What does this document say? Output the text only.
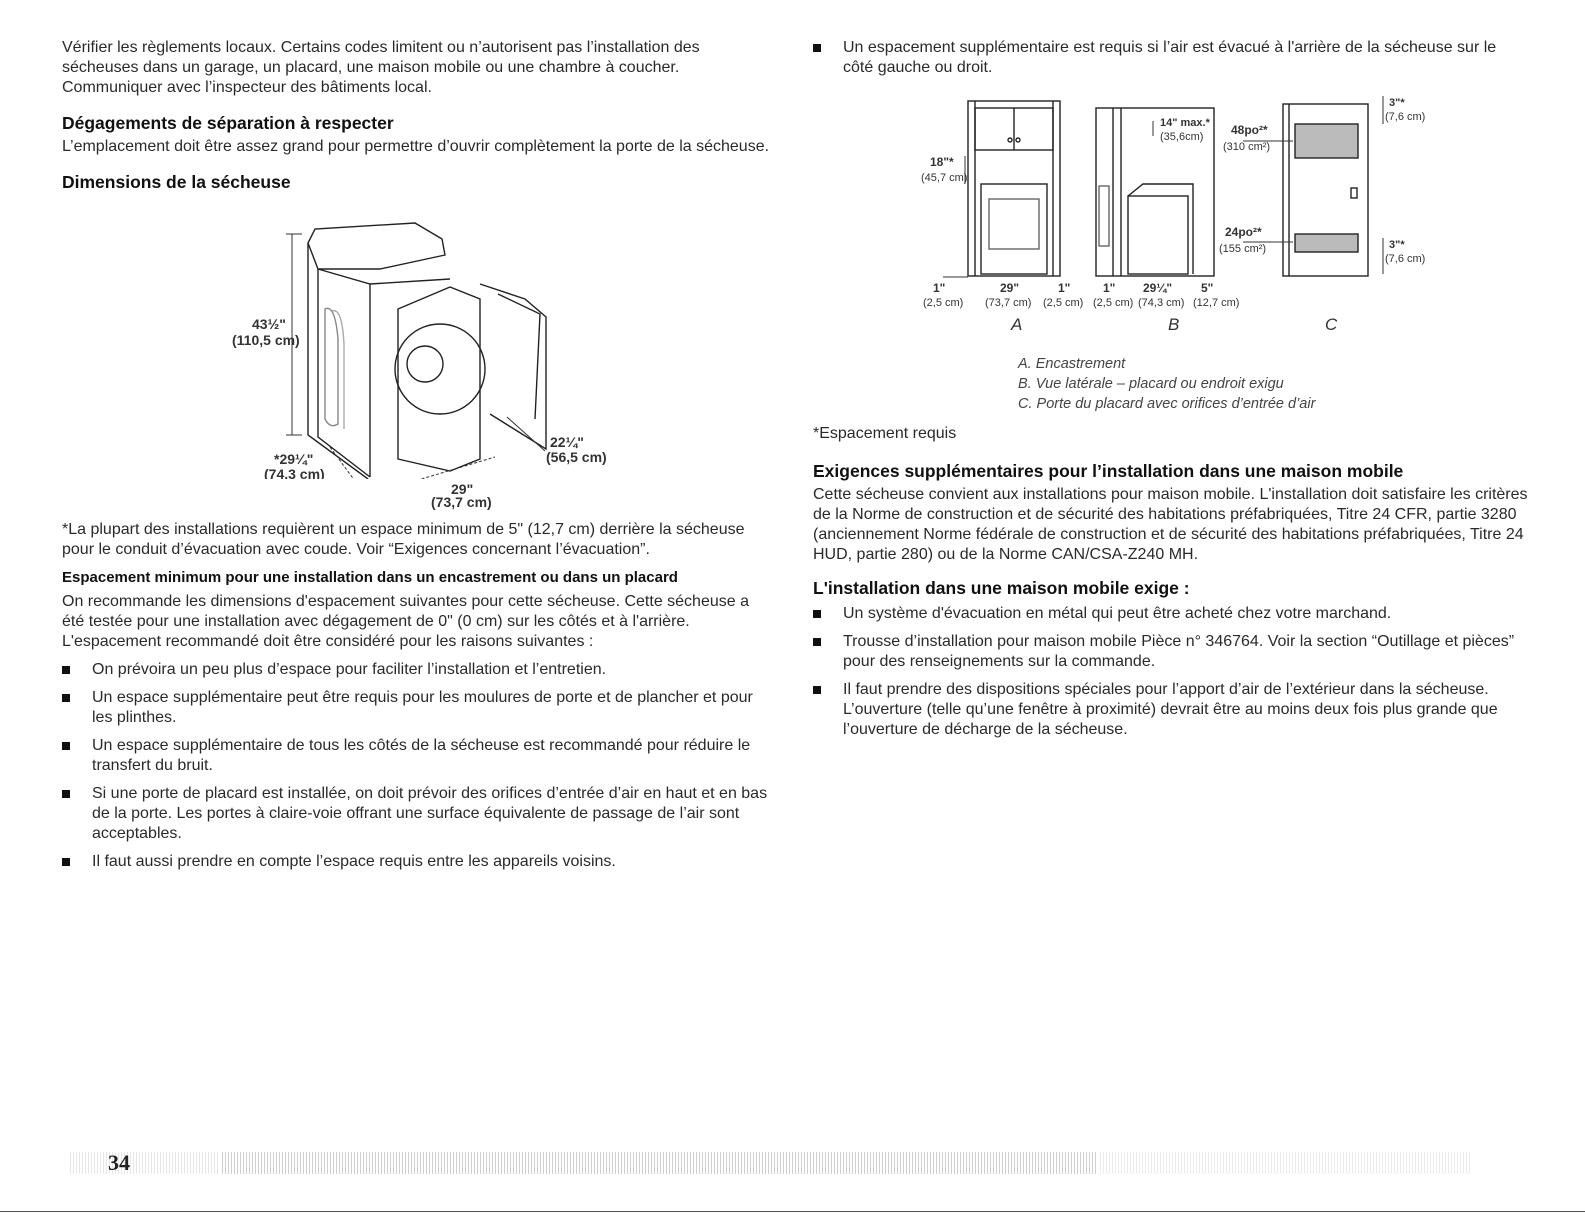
Vérifier les règlements locaux. Certains codes limitent ou n’autorisent pas l’installation des sécheuses dans un garage, un placard, une maison mobile ou une chambre à coucher. Communiquer avec l’inspecteur des bâtiments local.

Dégagements de séparation à respecter

L’emplacement doit être assez grand pour permettre d’ouvrir complètement la porte de la sécheuse.

Dimensions de la sécheuse
43½"
(110,5 cm)
*29¼"
(74,3 cm)
22¼"
(56,5 cm)
29"
(73,7 cm)

*La plupart des installations requièrent un espace minimum de 5" (12,7 cm) derrière la sécheuse pour le conduit d’évacuation avec coude. Voir “Exigences concernant l’évacuation”.

Espacement minimum pour une installation dans un encastrement ou dans un placard

On recommande les dimensions d'espacement suivantes pour cette sécheuse. Cette sécheuse a été testée pour une installation avec dégagement de 0" (0 cm) sur les côtés et à l'arrière. L'espacement recommandé doit être considéré pour les raisons suivantes :

On prévoira un peu plus d’espace pour faciliter l’installation et l’entretien.
Un espace supplémentaire peut être requis pour les moulures de porte et de plancher et pour les plinthes.
Un espace supplémentaire de tous les côtés de la sécheuse est recommandé pour réduire le transfert du bruit.
Si une porte de placard est installée, on doit prévoir des orifices d’entrée d’air en haut et en bas de la porte. Les portes à claire-voie offrant une surface équivalente de passage de l’air sont acceptables.
Il faut aussi prendre en compte l’espace requis entre les appareils voisins.
Un espacement supplémentaire est requis si l’air est évacué à l'arrière de la sécheuse sur le côté gauche ou droit.
18"*
(45,7 cm)
1"
(2,5 cm)
29"
(73,7 cm)
1"
(2,5 cm)
1"
(2,5 cm)
14" max.*
(35,6cm)
29¼"
(74,3 cm)
5"
(12,7 cm)
48po²*
(310 cm²)
24po²*
(155 cm²)
3"*
(7,6 cm)
3"*
(7,6 cm)
A	B	C
A. Encastrement
B. Vue latérale – placard ou endroit exigu
C. Porte du placard avec orifices d’entrée d’air

*Espacement requis

Exigences supplémentaires pour l’installation dans une maison mobile

Cette sécheuse convient aux installations pour maison mobile. L'installation doit satisfaire les critères de la Norme de construction et de sécurité des habitations préfabriquées, Titre 24 CFR, partie 3280 (anciennement Norme fédérale de construction et de sécurité des habitations préfabriquées, Titre 24 HUD, partie 280) ou de la Norme CAN/CSA-Z240 MH.

L'installation dans une maison mobile exige :
Un système d'évacuation en métal qui peut être acheté chez votre marchand.
Trousse d’installation pour maison mobile Pièce n° 346764. Voir la section “Outillage et pièces” pour des renseignements sur la commande.
Il faut prendre des dispositions spéciales pour l’apport d’air de l’extérieur dans la sécheuse. L’ouverture (telle qu’une fenêtre à proximité) devrait être au moins deux fois plus grande que l’ouverture de décharge de la sécheuse.
34
